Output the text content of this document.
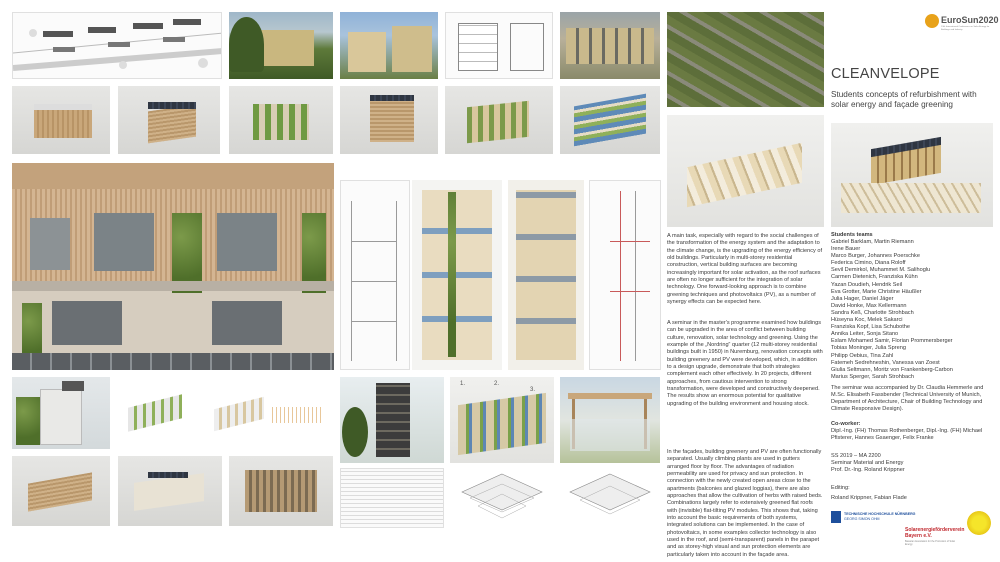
EuroSun2020
13th International Conference on Solar Energy for Buildings and Industry
CLEANVELOPE
Students concepts of refurbishment with solar energy and façade greening
A main task, especially with regard to the social challenges of the transformation of the energy system and the adaptation to the climate change, is the upgrading of the energy efficiency of old buildings. Particularly in multi-storey residential construction, vertical building surfaces are becoming increasingly important for solar activation, as the roof surfaces are often no longer sufficient for the integration of solar technology. One forward-looking approach is to combine greening techniques and photovoltaics (PV), as a number of synergy effects can be expected here.
A seminar in the master's programme examined how buildings can be upgraded in the area of conflict between building culture, renovation, solar technology and greening. Using the example of the „Nordring“ quarter (12 multi-storey residential buildings built in 1950) in Nuremburg, renovation concepts with building greenery and PV were developed, which, in addition to a design upgrade, demonstrate that both strategies complement each other effectively. In 20 projects, different approaches, from cautious intervention to strong transformation, were developed and constructively deepened. The results show an enormous potential for qualitative upgrading of the building environment and housing stock.
In the façades, building greenery and PV are often functionally separated. Usually climbing plants are used in gutters arranged floor by floor. The advantages of radiation permeability are used for privacy and sun protection. In connection with the newly created open areas close to the apartments (balconies and glazed loggias), there are also approaches that allow the cultivation of herbs with raised beds. Combinations largely refer to extensively greened flat roofs with (invisible) flat-tilting PV modules. This shows that, taking into account the basic requirements of both systems, integrated solutions can be implemented. In the case of photovoltaics, in some examples collector technology is also used in the roof, and (semi-transparent) panels in the parapet and as storey-high visual and sun protection elements are particularly taken into account in the façade area.
Students teams
Gabriel Barklam, Martin Riemann
Irene Bauer
Marco Burger, Johannes Poerschke
Federica Cimino, Diana Roloff
Sevil Demirkol, Muhammet M. Salihoglu
Carmen Dietenich, Franziska Kühn
Yazan Doudieh, Hendrik Seil
Eva Grotter, Marie Christine Häußler
Julia Hager, Daniel Jäger
David Honke, Max Kellermann
Sandra Keß, Charlotte Strohbach
Hüseyna Koc, Melek Sakarci
Franziska Kopf, Lisa Schubothe
Annika Leiter, Sonja Sitano
Eslam Mohamed Samir, Florian Prommersberger
Tobias Moninger, Julia Spreng
Philipp Oebius, Tina Zahl
Fatemeh Sedrehneshin, Vanessa van Zoest
Giulia Seltmann, Moritz von Frankenberg-Carbon
Marius Sperger, Sarah Strohbach
The seminar was accompanied by Dr. Claudia Hemmerle and M.Sc. Elisabeth Fassbender (Technical University of Munich, Department of Architecture, Chair of Building Technology and Climate Responsive Design).
Co-worker:
Dipl.-Ing. (FH) Thomas Rothenberger, Dipl.-Ing. (FH) Michael Pfisterer, Hannes Gsaenger, Felix Franke
SS 2019 – MA 2200
Seminar Material and Energy
Prof. Dr.-Ing. Roland Krippner
Editing:
Roland Krippner, Fabian Flade
TECHNISCHE HOCHSCHULE NÜRNBERG
GEORG SIMON OHM
Solarenergieförderverein
Bayern e.V.
Bavarian Association for the Promotion of Solar Energy
1.	2.
3.
